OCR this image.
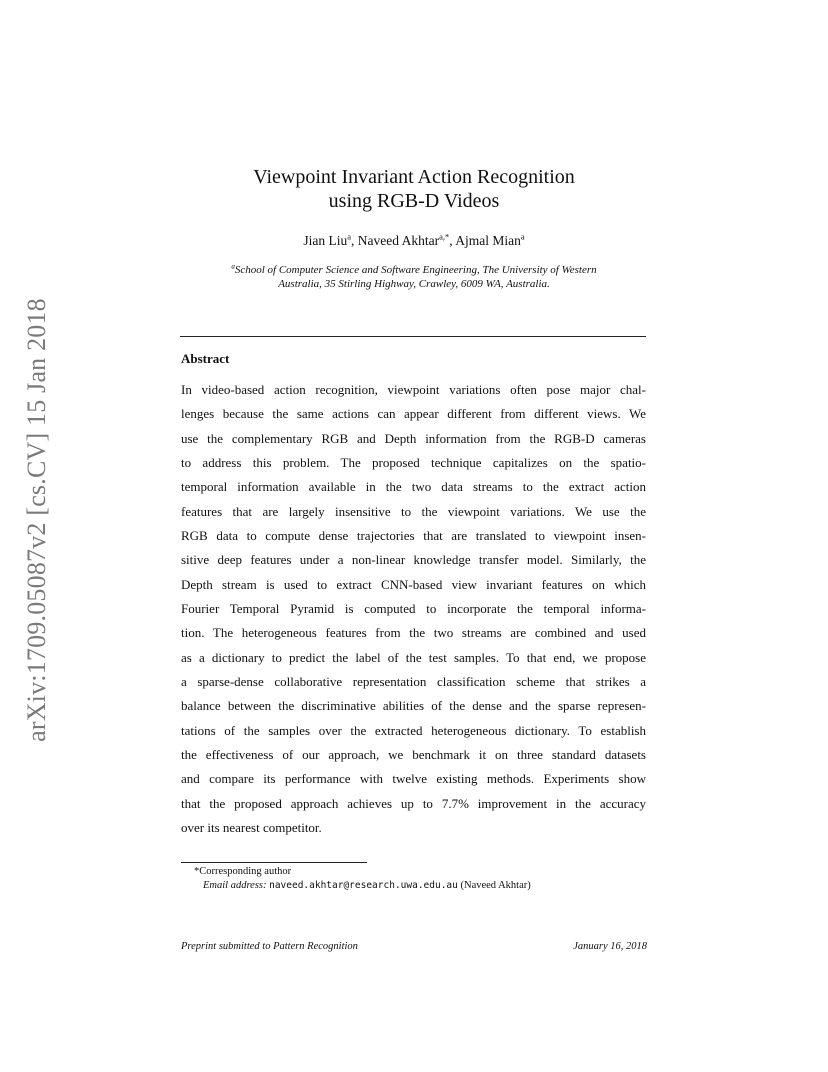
arXiv:1709.05087v2 [cs.CV] 15 Jan 2018
Viewpoint Invariant Action Recognition
using RGB-D Videos
Jian Liu$^a$, Naveed Akhtar$^{a,*}$, Ajmal Mian$^a$
$^a$School of Computer Science and Software Engineering, The University of Western
Australia, 35 Stirling Highway, Crawley, 6009 WA, Australia.
Abstract
In video-based action recognition, viewpoint variations often pose major chal-
lenges because the same actions can appear different from different views. We
use the complementary RGB and Depth information from the RGB-D cameras
to address this problem. The proposed technique capitalizes on the spatio-
temporal information available in the two data streams to the extract action
features that are largely insensitive to the viewpoint variations. We use the
RGB data to compute dense trajectories that are translated to viewpoint insen-
sitive deep features under a non-linear knowledge transfer model. Similarly, the
Depth stream is used to extract CNN-based view invariant features on which
Fourier Temporal Pyramid is computed to incorporate the temporal informa-
tion. The heterogeneous features from the two streams are combined and used
as a dictionary to predict the label of the test samples. To that end, we propose
a sparse-dense collaborative representation classification scheme that strikes a
balance between the discriminative abilities of the dense and the sparse represen-
tations of the samples over the extracted heterogeneous dictionary. To establish
the effectiveness of our approach, we benchmark it on three standard datasets
and compare its performance with twelve existing methods. Experiments show
that the proposed approach achieves up to 7.7% improvement in the accuracy
over its nearest competitor.
*Corresponding author
Email address: naveed.akhtar@research.uwa.edu.au (Naveed Akhtar)
Preprint submitted to Pattern Recognition	January 16, 2018
